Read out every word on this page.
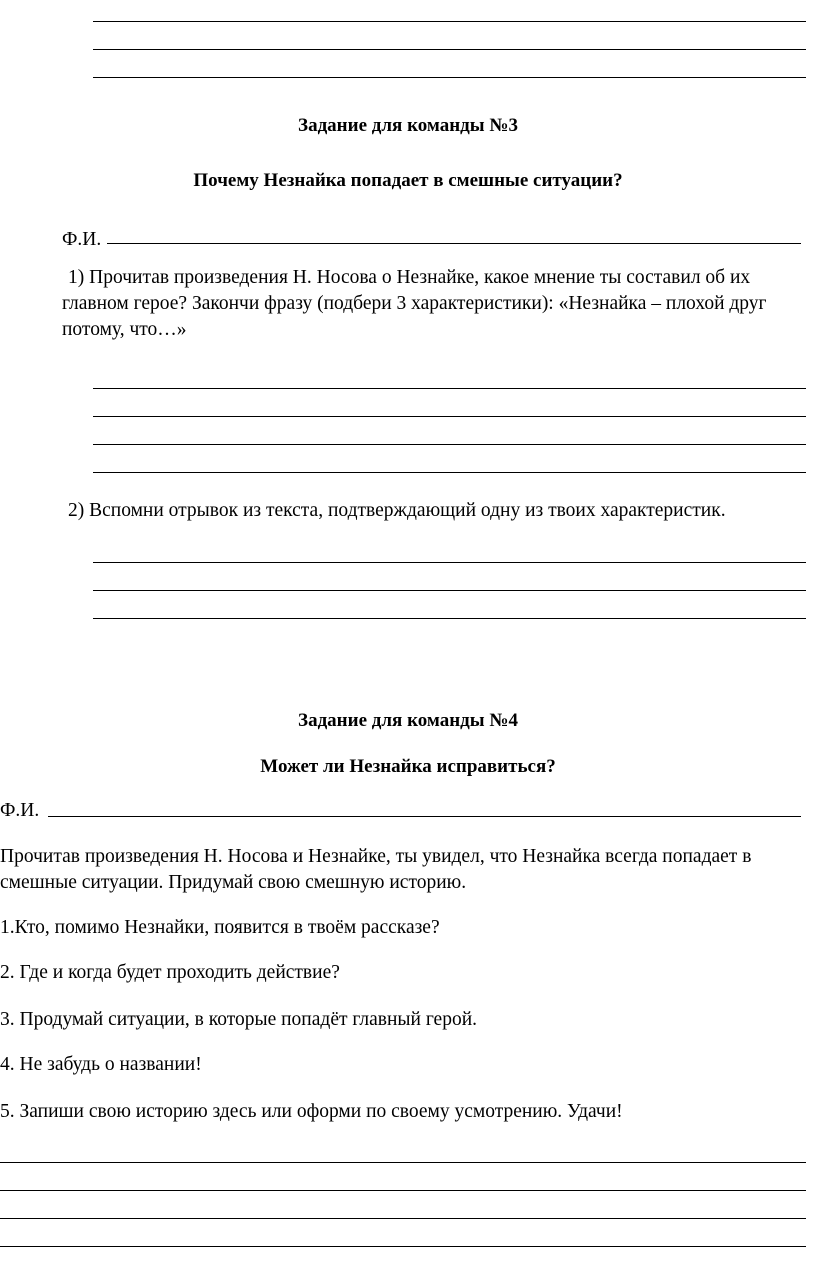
Задание для команды №3
Почему Незнайка попадает в смешные ситуации?
Ф.И.
1) Прочитав произведения Н. Носова о Незнайке, какое мнение ты составил об их главном герое? Закончи фразу (подбери 3 характеристики): «Незнайка – плохой друг потому, что…»
2) Вспомни отрывок из текста, подтверждающий одну из твоих характеристик.
Задание для команды №4
Может ли Незнайка исправиться?
Ф.И.
Прочитав произведения Н. Носова и Незнайке, ты увидел, что Незнайка всегда попадает в смешные ситуации. Придумай свою смешную историю.
1.Кто, помимо Незнайки, появится в твоём рассказе?
2. Где и когда будет проходить действие?
3. Продумай ситуации, в которые попадёт главный герой.
4. Не забудь о названии!
5. Запиши свою историю здесь или оформи по своему усмотрению. Удачи!
